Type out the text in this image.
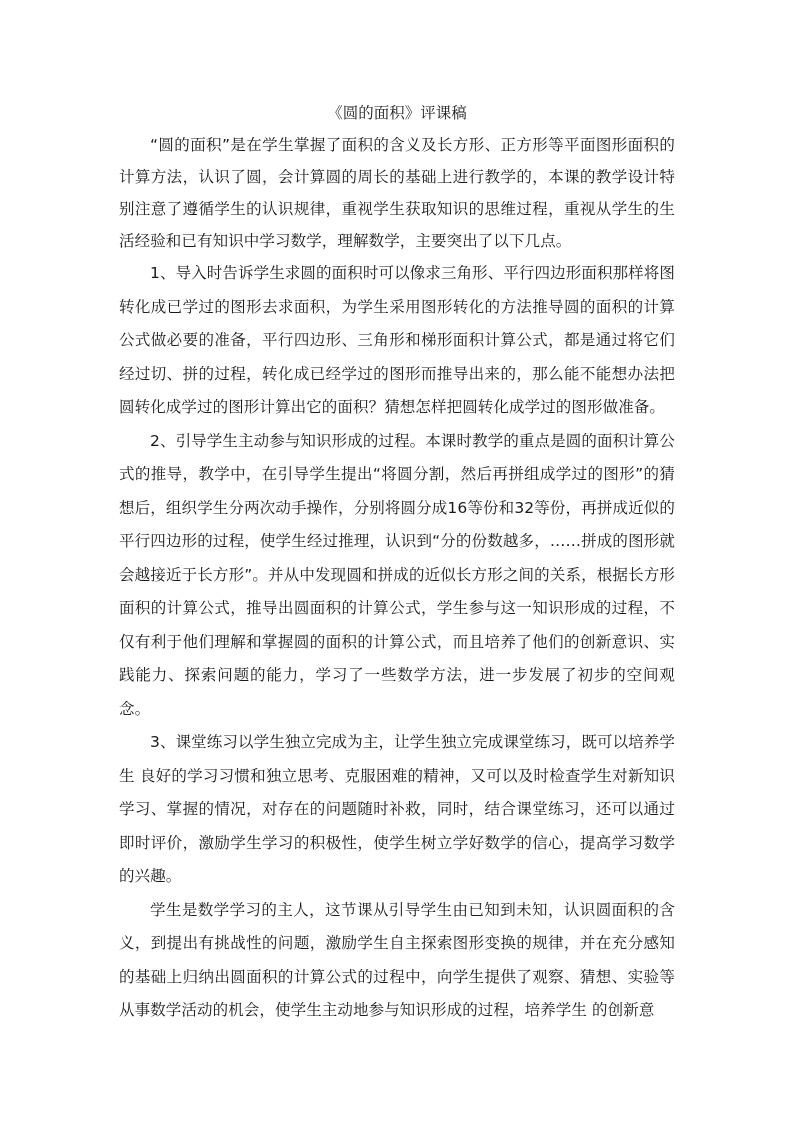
《圆的面积》评课稿

“圆的面积”是在学生掌握了面积的含义及长方形、正方形等平面图形面积的计算方法，认识了圆，会计算圆的周长的基础上进行教学的，本课的教学设计特别注意了遵循学生的认识规律，重视学生获取知识的思维过程，重视从学生的生活经验和已有知识中学习数学，理解数学，主要突出了以下几点。

1、导入时告诉学生求圆的面积时可以像求三角形、平行四边形面积那样将图转化成已学过的图形去求面积，为学生采用图形转化的方法推导圆的面积的计算公式做必要的准备，平行四边形、三角形和梯形面积计算公式，都是通过将它们经过切、拼的过程，转化成已经学过的图形而推导出来的，那么能不能想办法把圆转化成学过的图形计算出它的面积？猜想怎样把圆转化成学过的图形做准备。

2、引导学生主动参与知识形成的过程。本课时教学的重点是圆的面积计算公式的推导，教学中，在引导学生提出“将圆分割，然后再拼组成学过的图形”的猜想后，组织学生分两次动手操作，分别将圆分成16等份和32等份，再拼成近似的平行四边形的过程，使学生经过推理，认识到“分的份数越多，……拼成的图形就会越接近于长方形”。并从中发现圆和拼成的近似长方形之间的关系，根据长方形面积的计算公式，推导出圆面积的计算公式，学生参与这一知识形成的过程，不仅有利于他们理解和掌握圆的面积的计算公式，而且培养了他们的创新意识、实践能力、探索问题的能力，学习了一些数学方法，进一步发展了初步的空间观念。

3、课堂练习以学生独立完成为主，让学生独立完成课堂练习，既可以培养学生 良好的学习习惯和独立思考、克服困难的精神，又可以及时检查学生对新知识学习、掌握的情况，对存在的问题随时补救，同时，结合课堂练习，还可以通过即时评价，激励学生学习的积极性，使学生树立学好数学的信心，提高学习数学的兴趣。

学生是数学学习的主人，这节课从引导学生由已知到未知，认识圆面积的含义，到提出有挑战性的问题，激励学生自主探索图形变换的规律，并在充分感知的基础上归纳出圆面积的计算公式的过程中，向学生提供了观察、猜想、实验等从事数学活动的机会，使学生主动地参与知识形成的过程，培养学生 的创新意
